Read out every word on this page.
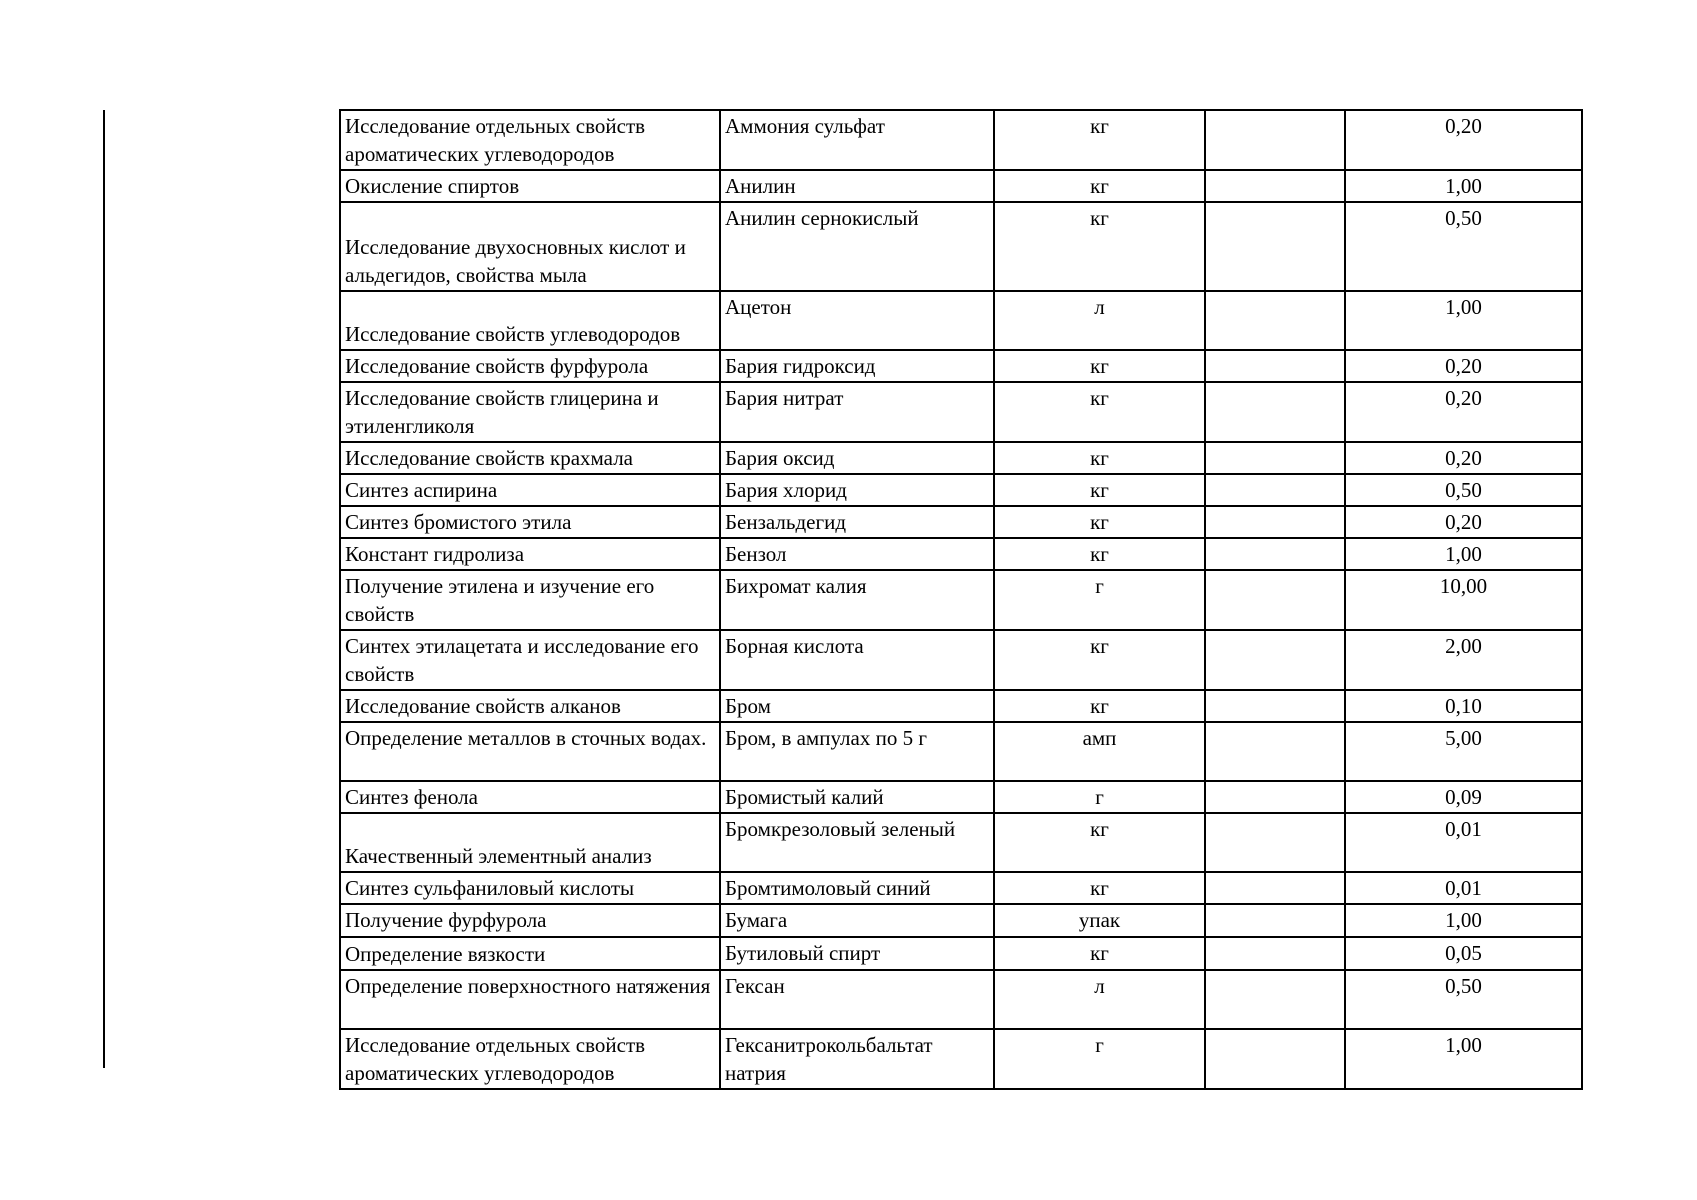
Исследование отдельных свойств ароматических углеводородов	Аммония сульфат	кг		0,20
Окисление спиртов	Анилин	кг		1,00
Исследование двухосновных кислот и альдегидов, свойства мыла	Анилин сернокислый	кг		0,50
Исследование свойств углеводородов	Ацетон	л		1,00
Исследование свойств фурфурола	Бария гидроксид	кг		0,20
Исследование свойств глицерина и этиленгликоля	Бария нитрат	кг		0,20
Исследование свойств крахмала	Бария оксид	кг		0,20
Синтез аспирина	Бария хлорид	кг		0,50
Синтез бромистого этила	Бензальдегид	кг		0,20
Констант гидролиза	Бензол	кг		1,00
Получение этилена и изучение его свойств	Бихромат калия	г		10,00
Синтех этилацетата и исследование его свойств	Борная кислота	кг		2,00
Исследование свойств алканов	Бром	кг		0,10
Определение металлов в сточных водах.	Бром, в ампулах по 5 г	амп		5,00
Синтез фенола	Бромистый калий	г		0,09
Качественный элементный анализ	Бромкрезоловый зеленый	кг		0,01
Синтез сульфаниловый кислоты	Бромтимоловый синий	кг		0,01
Получение фурфурола	Бумага	упак		1,00
Определение вязкости	Бутиловый спирт	кг		0,05
Определение поверхностного натяжения	Гексан	л		0,50
Исследование отдельных свойств ароматических углеводородов	Гексанитрокольбальтат натрия	г		1,00
